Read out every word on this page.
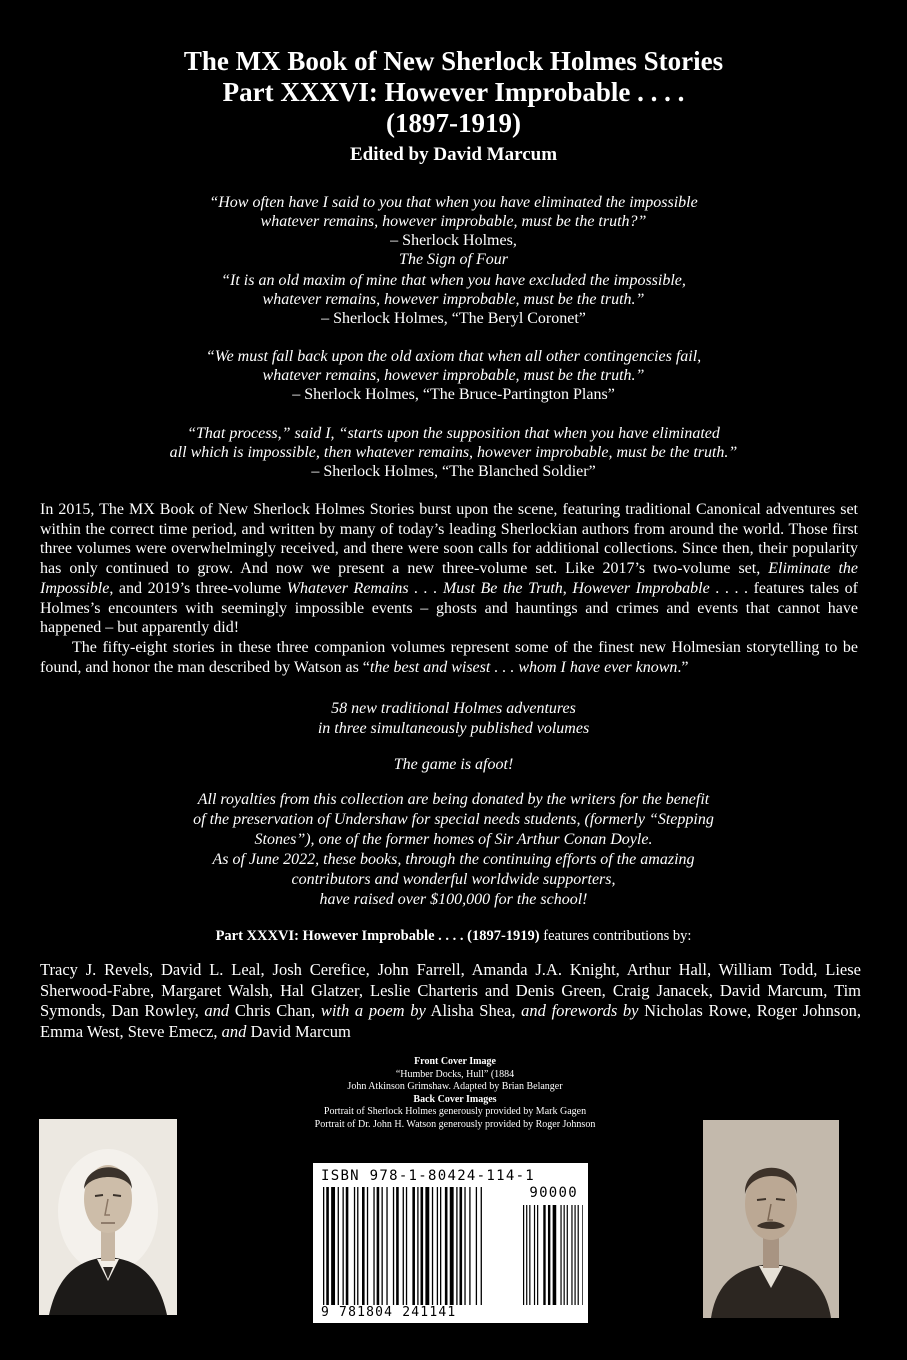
The MX Book of New Sherlock Holmes Stories
Part XXXVI: However Improbable . . . .
(1897-1919)
Edited by David Marcum
“How often have I said to you that when you have eliminated the impossible
whatever remains, however improbable, must be the truth?”
– Sherlock Holmes,
The Sign of Four
“It is an old maxim of mine that when you have excluded the impossible,
whatever remains, however improbable, must be the truth.”
– Sherlock Holmes, “The Beryl Coronet”
“We must fall back upon the old axiom that when all other contingencies fail,
whatever remains, however improbable, must be the truth.”
– Sherlock Holmes, “The Bruce-Partington Plans”
“That process,” said I, “starts upon the supposition that when you have eliminated
all which is impossible, then whatever remains, however improbable, must be the truth.”
– Sherlock Holmes, “The Blanched Soldier”

In 2015, The MX Book of New Sherlock Holmes Stories burst upon the scene, featuring traditional Canonical adventures set within the correct time period, and written by many of today’s leading Sherlockian authors from around the world. Those first three volumes were overwhelmingly received, and there were soon calls for additional collections. Since then, their popularity has only continued to grow. And now we present a new three-volume set. Like 2017’s two-volume set, Eliminate the Impossible, and 2019’s three-volume Whatever Remains . . . Must Be the Truth, However Improbable . . . . features tales of Holmes’s encounters with seemingly impossible events – ghosts and hauntings and crimes and events that cannot have happened – but apparently did!

The fifty-eight stories in these three companion volumes represent some of the finest new Holmesian storytelling to be found, and honor the man described by Watson as “the best and wisest . . . whom I have ever known.”

58 new traditional Holmes adventures
in three simultaneously published volumes
The game is afoot!
All royalties from this collection are being donated by the writers for the benefit
of the preservation of Undershaw for special needs students, (formerly “Stepping
Stones”), one of the former homes of Sir Arthur Conan Doyle.
As of June 2022, these books, through the continuing efforts of the amazing
contributors and wonderful worldwide supporters,
have raised over $100,000 for the school!
Part XXXVI: However Improbable . . . . (1897-1919) features contributions by:
Tracy J. Revels, David L. Leal, Josh Cerefice, John Farrell, Amanda J.A. Knight, Arthur Hall, William Todd, Liese Sherwood-Fabre, Margaret Walsh, Hal Glatzer, Leslie Charteris and Denis Green, Craig Janacek, David Marcum, Tim Symonds, Dan Rowley, and Chris Chan, with a poem by Alisha Shea, and forewords by Nicholas Rowe, Roger Johnson, Emma West, Steve Emecz, and David Marcum
Front Cover Image
“Humber Docks, Hull” (1884
John Atkinson Grimshaw. Adapted by Brian Belanger
Back Cover Images
Portrait of Sherlock Holmes generously provided by Mark Gagen
Portrait of Dr. John H. Watson generously provided by Roger Johnson
ISBN 978-1-80424-114-1
90000
9 781804 241141
